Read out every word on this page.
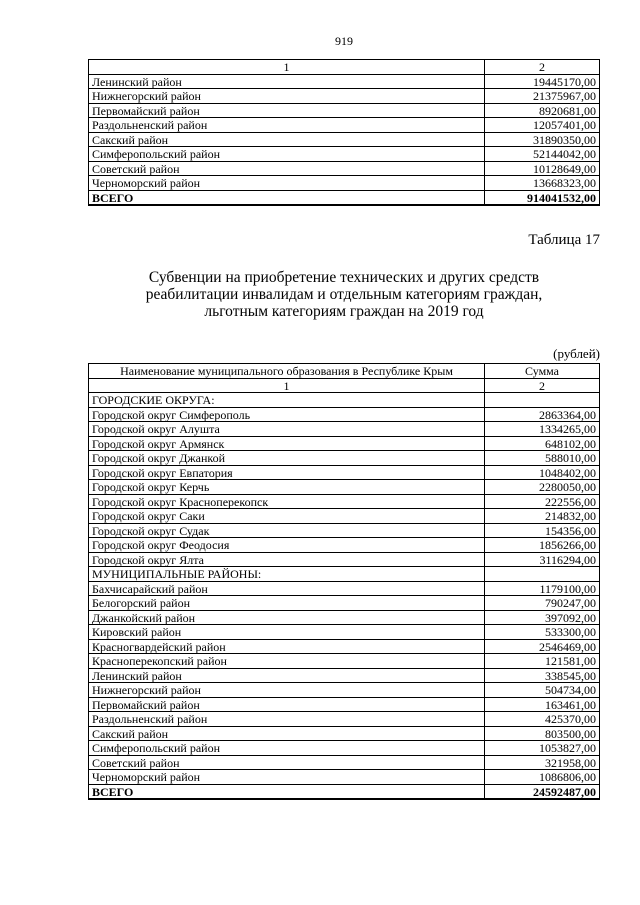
919
1	2
Ленинский район	19445170,00
Нижнегорский район	21375967,00
Первомайский район	8920681,00
Раздольненский район	12057401,00
Сакский район	31890350,00
Симферопольский район	52144042,00
Советский район	10128649,00
Черноморский район	13668323,00
ВСЕГО	914041532,00
Таблица 17
Субвенции на приобретение технических и других средств
реабилитации инвалидам и отдельным категориям граждан,
льготным категориям граждан на 2019 год
(рублей)
Наименование муниципального образования в Республике Крым	Сумма
1	2
ГОРОДСКИЕ ОКРУГА:	
Городской округ Симферополь	2863364,00
Городской округ Алушта	1334265,00
Городской округ Армянск	648102,00
Городской округ Джанкой	588010,00
Городской округ Евпатория	1048402,00
Городской округ Керчь	2280050,00
Городской округ Красноперекопск	222556,00
Городской округ Саки	214832,00
Городской округ Судак	154356,00
Городской округ Феодосия	1856266,00
Городской округ Ялта	3116294,00
МУНИЦИПАЛЬНЫЕ РАЙОНЫ:	
Бахчисарайский район	1179100,00
Белогорский район	790247,00
Джанкойский район	397092,00
Кировский район	533300,00
Красногвардейский район	2546469,00
Красноперекопский район	121581,00
Ленинский район	338545,00
Нижнегорский район	504734,00
Первомайский район	163461,00
Раздольненский район	425370,00
Сакский район	803500,00
Симферопольский район	1053827,00
Советский район	321958,00
Черноморский район	1086806,00
ВСЕГО	24592487,00
